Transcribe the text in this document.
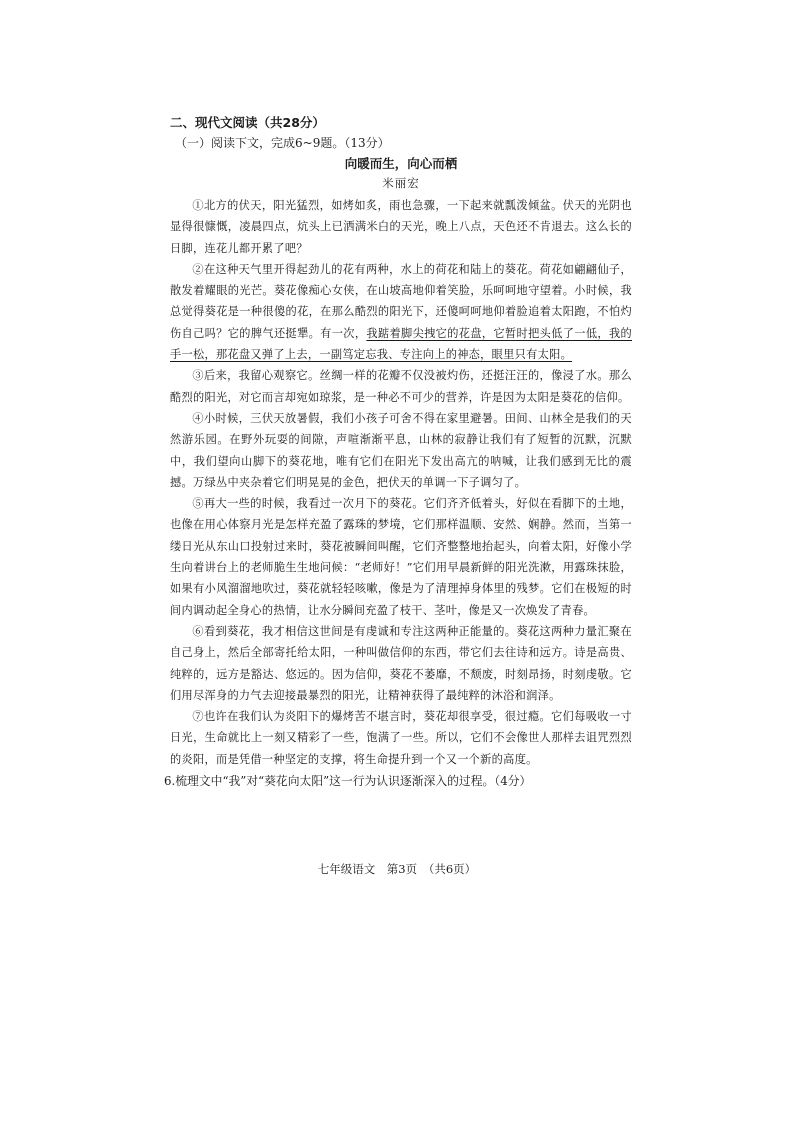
二、现代文阅读（共28分）

（一）阅读下文，完成6~9题。（13分）

向暖而生，向心而栖

米丽宏

①北方的伏天，阳光猛烈，如烤如炙，雨也急骤，一下起来就瓢泼倾盆。伏天的光阴也显得很慷慨，凌晨四点，炕头上已洒满米白的天光，晚上八点，天色还不肯退去。这么长的日脚，连花儿都开累了吧？

②在这种天气里开得起劲儿的花有两种，水上的荷花和陆上的葵花。荷花如翩翩仙子，散发着耀眼的光芒。葵花像痴心女侠，在山坡高地仰着笑脸，乐呵呵地守望着。小时候，我总觉得葵花是一种很傻的花，在那么酷烈的阳光下，还傻呵呵地仰着脸追着太阳跑，不怕灼伤自己吗？它的脾气还挺犟。有一次，我踮着脚尖拽它的花盘，它暂时把头低了一低，我的手一松，那花盘又弹了上去，一副笃定忘我、专注向上的神态，眼里只有太阳。

③后来，我留心观察它。丝绸一样的花瓣不仅没被灼伤，还挺汪汪的，像浸了水。那么酷烈的阳光，对它而言却宛如琼浆，是一种必不可少的营养，许是因为太阳是葵花的信仰。

④小时候，三伏天放暑假，我们小孩子可舍不得在家里避暑。田间、山林全是我们的天然游乐园。在野外玩耍的间隙，声喧渐渐平息，山林的寂静让我们有了短暂的沉默，沉默中，我们望向山脚下的葵花地，唯有它们在阳光下发出高亢的呐喊，让我们感到无比的震撼。万绿丛中夹杂着它们明晃晃的金色，把伏天的单调一下子调匀了。

⑤再大一些的时候，我看过一次月下的葵花。它们齐齐低着头，好似在看脚下的土地，也像在用心体察月光是怎样充盈了露珠的梦境，它们那样温顺、安然、娴静。然而，当第一缕日光从东山口投射过来时，葵花被瞬间叫醒，它们齐整整地抬起头，向着太阳，好像小学生向着讲台上的老师脆生生地问候：“老师好！”它们用早晨新鲜的阳光洗漱，用露珠抹脸，如果有小风溜溜地吹过，葵花就轻轻咳嗽，像是为了清理掉身体里的残梦。它们在极短的时间内调动起全身心的热情，让水分瞬间充盈了枝干、茎叶，像是又一次焕发了青春。

⑥看到葵花，我才相信这世间是有虔诚和专注这两种正能量的。葵花这两种力量汇聚在自己身上，然后全部寄托给太阳，一种叫做信仰的东西，带它们去往诗和远方。诗是高贵、纯粹的，远方是豁达、悠远的。因为信仰，葵花不萎靡，不颓废，时刻昂扬，时刻虔敬。它们用尽浑身的力气去迎接最暴烈的阳光，让精神获得了最纯粹的沐浴和润泽。

⑦也许在我们认为炎阳下的爆烤苦不堪言时，葵花却很享受，很过瘾。它们每吸收一寸日光，生命就比上一刻又精彩了一些，饱满了一些。所以，它们不会像世人那样去诅咒烈烈的炎阳，而是凭借一种坚定的支撑，将生命提升到一个又一个新的高度。

6.梳理文中“我”对“葵花向太阳”这一行为认识逐渐深入的过程。（4分）

七年级语文　第3页　（共6页）
